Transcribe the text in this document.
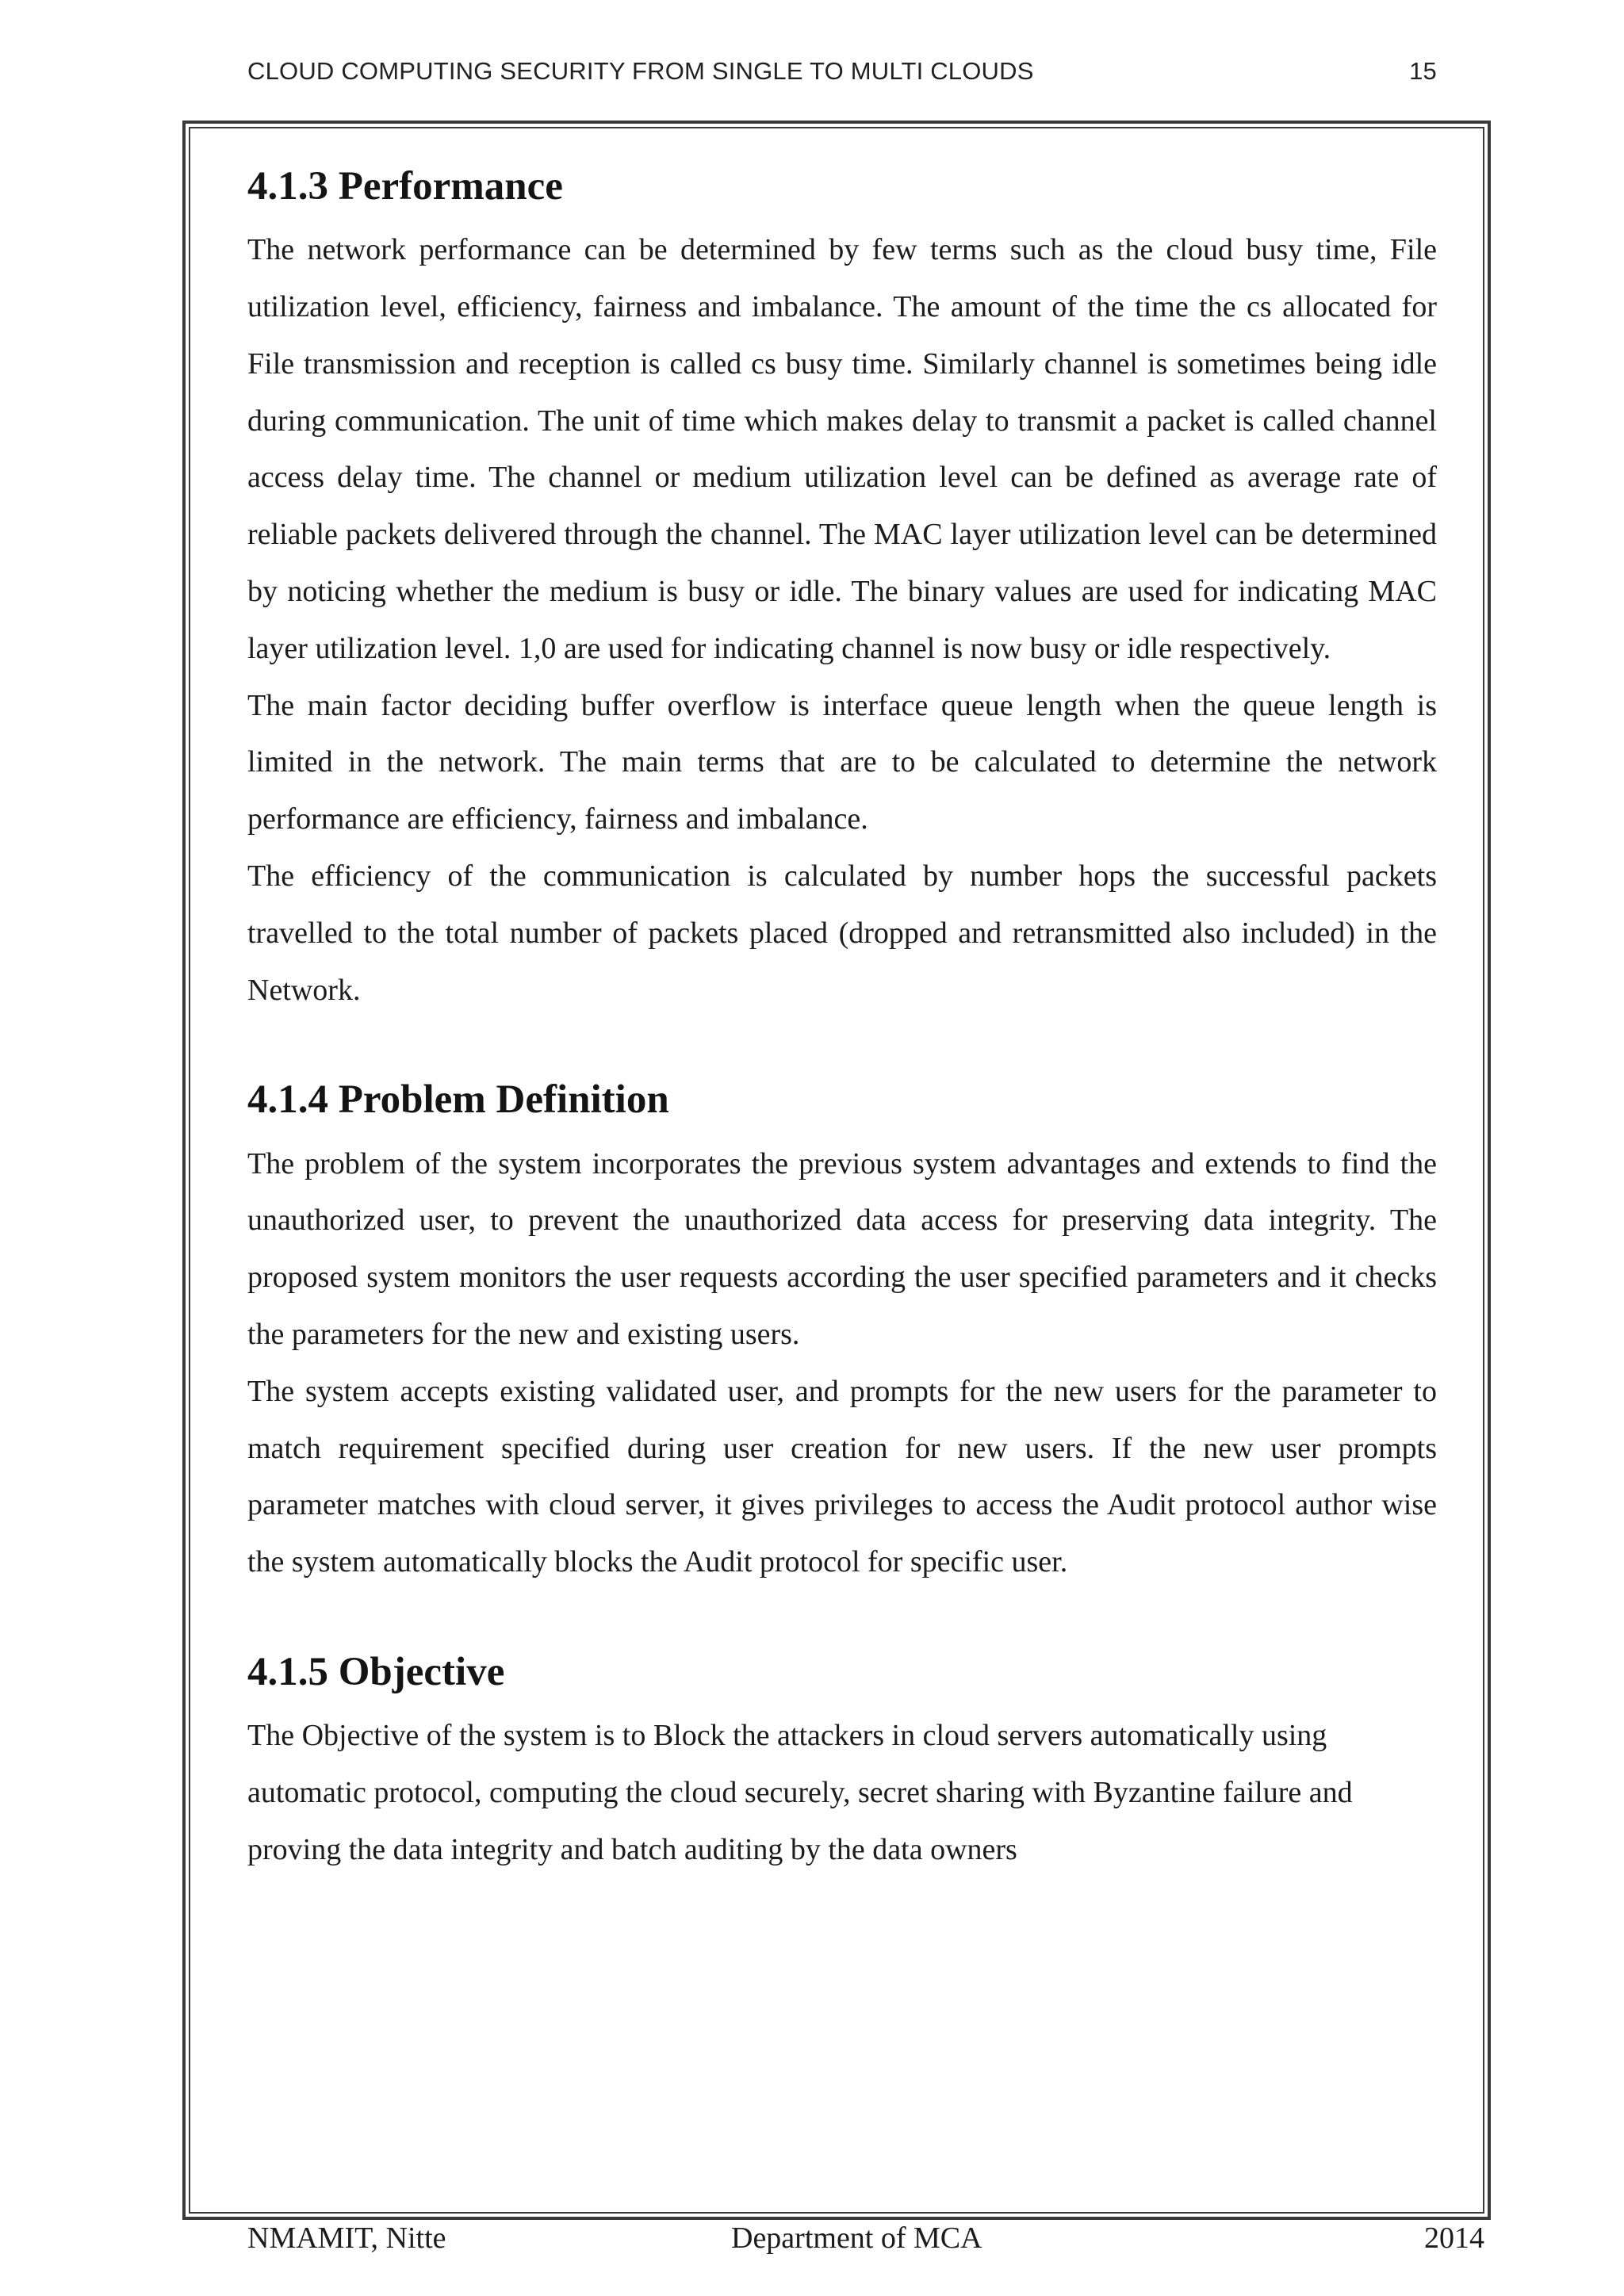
CLOUD COMPUTING SECURITY FROM SINGLE TO MULTI CLOUDS	15
4.1.3 Performance

The network performance can be determined by few terms such as the cloud busy time, File utilization level, efficiency, fairness and imbalance. The amount of the time the cs allocated for File transmission and reception is called cs busy time. Similarly channel is sometimes being idle during communication. The unit of time which makes delay to transmit a packet is called channel access delay time. The channel or medium utilization level can be defined as average rate of reliable packets delivered through the channel. The MAC layer utilization level can be determined by noticing whether the medium is busy or idle. The binary values are used for indicating MAC layer utilization level. 1,0 are used for indicating channel is now busy or idle respectively.

The main factor deciding buffer overflow is interface queue length when the queue length is limited in the network. The main terms that are to be calculated to determine the network performance are efficiency, fairness and imbalance.

The efficiency of the communication is calculated by number hops the successful packets travelled to the total number of packets placed (dropped and retransmitted also included) in the Network.

4.1.4 Problem Definition

The problem of the system incorporates the previous system advantages and extends to find the unauthorized user, to prevent the unauthorized data access for preserving data integrity. The proposed system monitors the user requests according the user specified parameters and it checks the parameters for the new and existing users.

The system accepts existing validated user, and prompts for the new users for the parameter to match requirement specified during user creation for new users. If the new user prompts parameter matches with cloud server, it gives privileges to access the Audit protocol author wise the system automatically blocks the Audit protocol for specific user.

4.1.5 Objective

The Objective of the system is to Block the attackers in cloud servers automatically using automatic protocol, computing the cloud securely, secret sharing with Byzantine failure and proving the data integrity and batch auditing by the data owners

NMAMIT, Nitte	Department of MCA	2014
